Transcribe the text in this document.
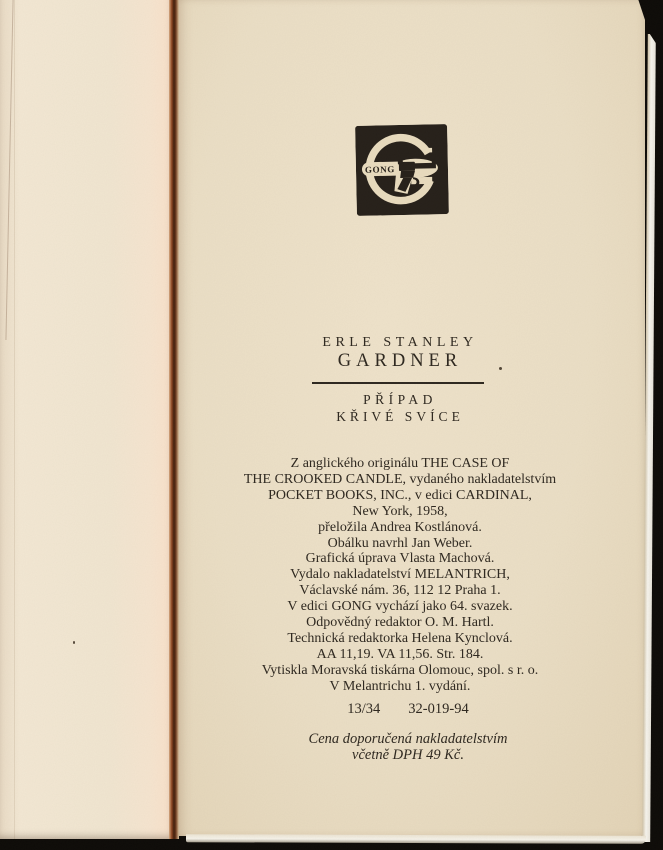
GONG
ERLE STANLEY
GARDNER
PŘÍPAD
KŘIVÉ SVÍCE
Z anglického originálu THE CASE OF
THE CROOKED CANDLE, vydaného nakladatelstvím
POCKET BOOKS, INC., v edici CARDINAL,
New York, 1958,
přeložila Andrea Kostlánová.
Obálku navrhl Jan Weber.
Grafická úprava Vlasta Machová.
Vydalo nakladatelství MELANTRICH,
Václavské nám. 36, 112 12 Praha 1.
V edici GONG vychází jako 64. svazek.
Odpovědný redaktor O. M. Hartl.
Technická redaktorka Helena Kynclová.
AA 11,19. VA 11,56. Str. 184.
Vytiskla Moravská tiskárna Olomouc, spol. s r. o.
V Melantrichu 1. vydání.
13/34 32-019-94
Cena doporučená nakladatelstvím
včetně DPH 49 Kč.
